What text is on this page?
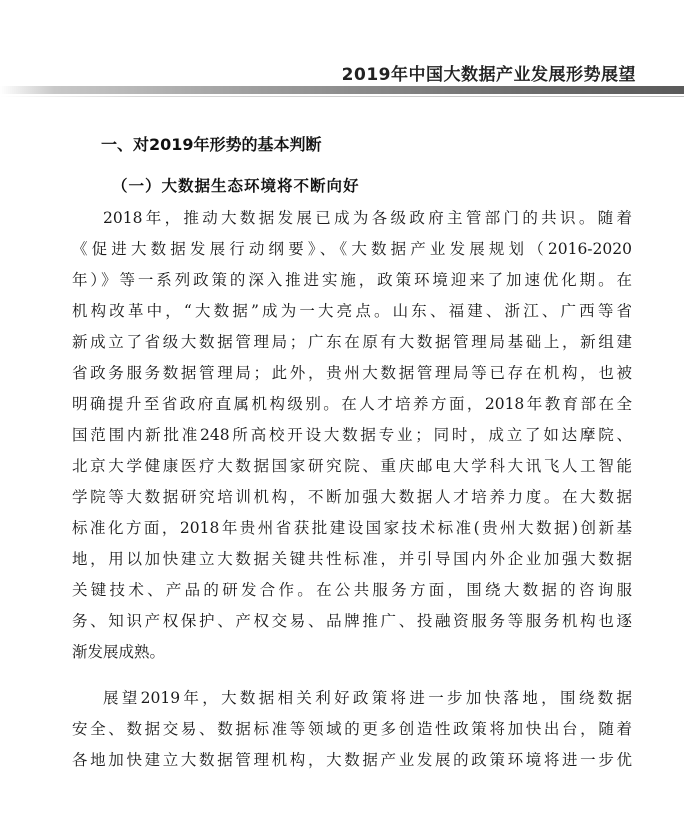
2019年中国大数据产业发展形势展望
一、对2019年形势的基本判断
（一）大数据生态环境将不断向好
2018年，推动大数据发展已成为各级政府主管部门的共识。随着
《促进大数据发展行动纲要》、《大数据产业发展规划（2016-2020
年）》等一系列政策的深入推进实施，政策环境迎来了加速优化期。在
机构改革中，“大数据”成为一大亮点。山东、福建、浙江、广西等省
新成立了省级大数据管理局；广东在原有大数据管理局基础上，新组建
省政务服务数据管理局；此外，贵州大数据管理局等已存在机构，也被
明确提升至省政府直属机构级别。在人才培养方面，2018年教育部在全
国范围内新批准248所高校开设大数据专业；同时，成立了如达摩院、
北京大学健康医疗大数据国家研究院、重庆邮电大学科大讯飞人工智能
学院等大数据研究培训机构，不断加强大数据人才培养力度。在大数据
标准化方面，2018年贵州省获批建设国家技术标准(贵州大数据)创新基
地，用以加快建立大数据关键共性标准，并引导国内外企业加强大数据
关键技术、产品的研发合作。在公共服务方面，围绕大数据的咨询服
务、知识产权保护、产权交易、品牌推广、投融资服务等服务机构也逐
渐发展成熟。
展望2019年，大数据相关利好政策将进一步加快落地，围绕数据
安全、数据交易、数据标准等领域的更多创造性政策将加快出台，随着
各地加快建立大数据管理机构，大数据产业发展的政策环境将进一步优
